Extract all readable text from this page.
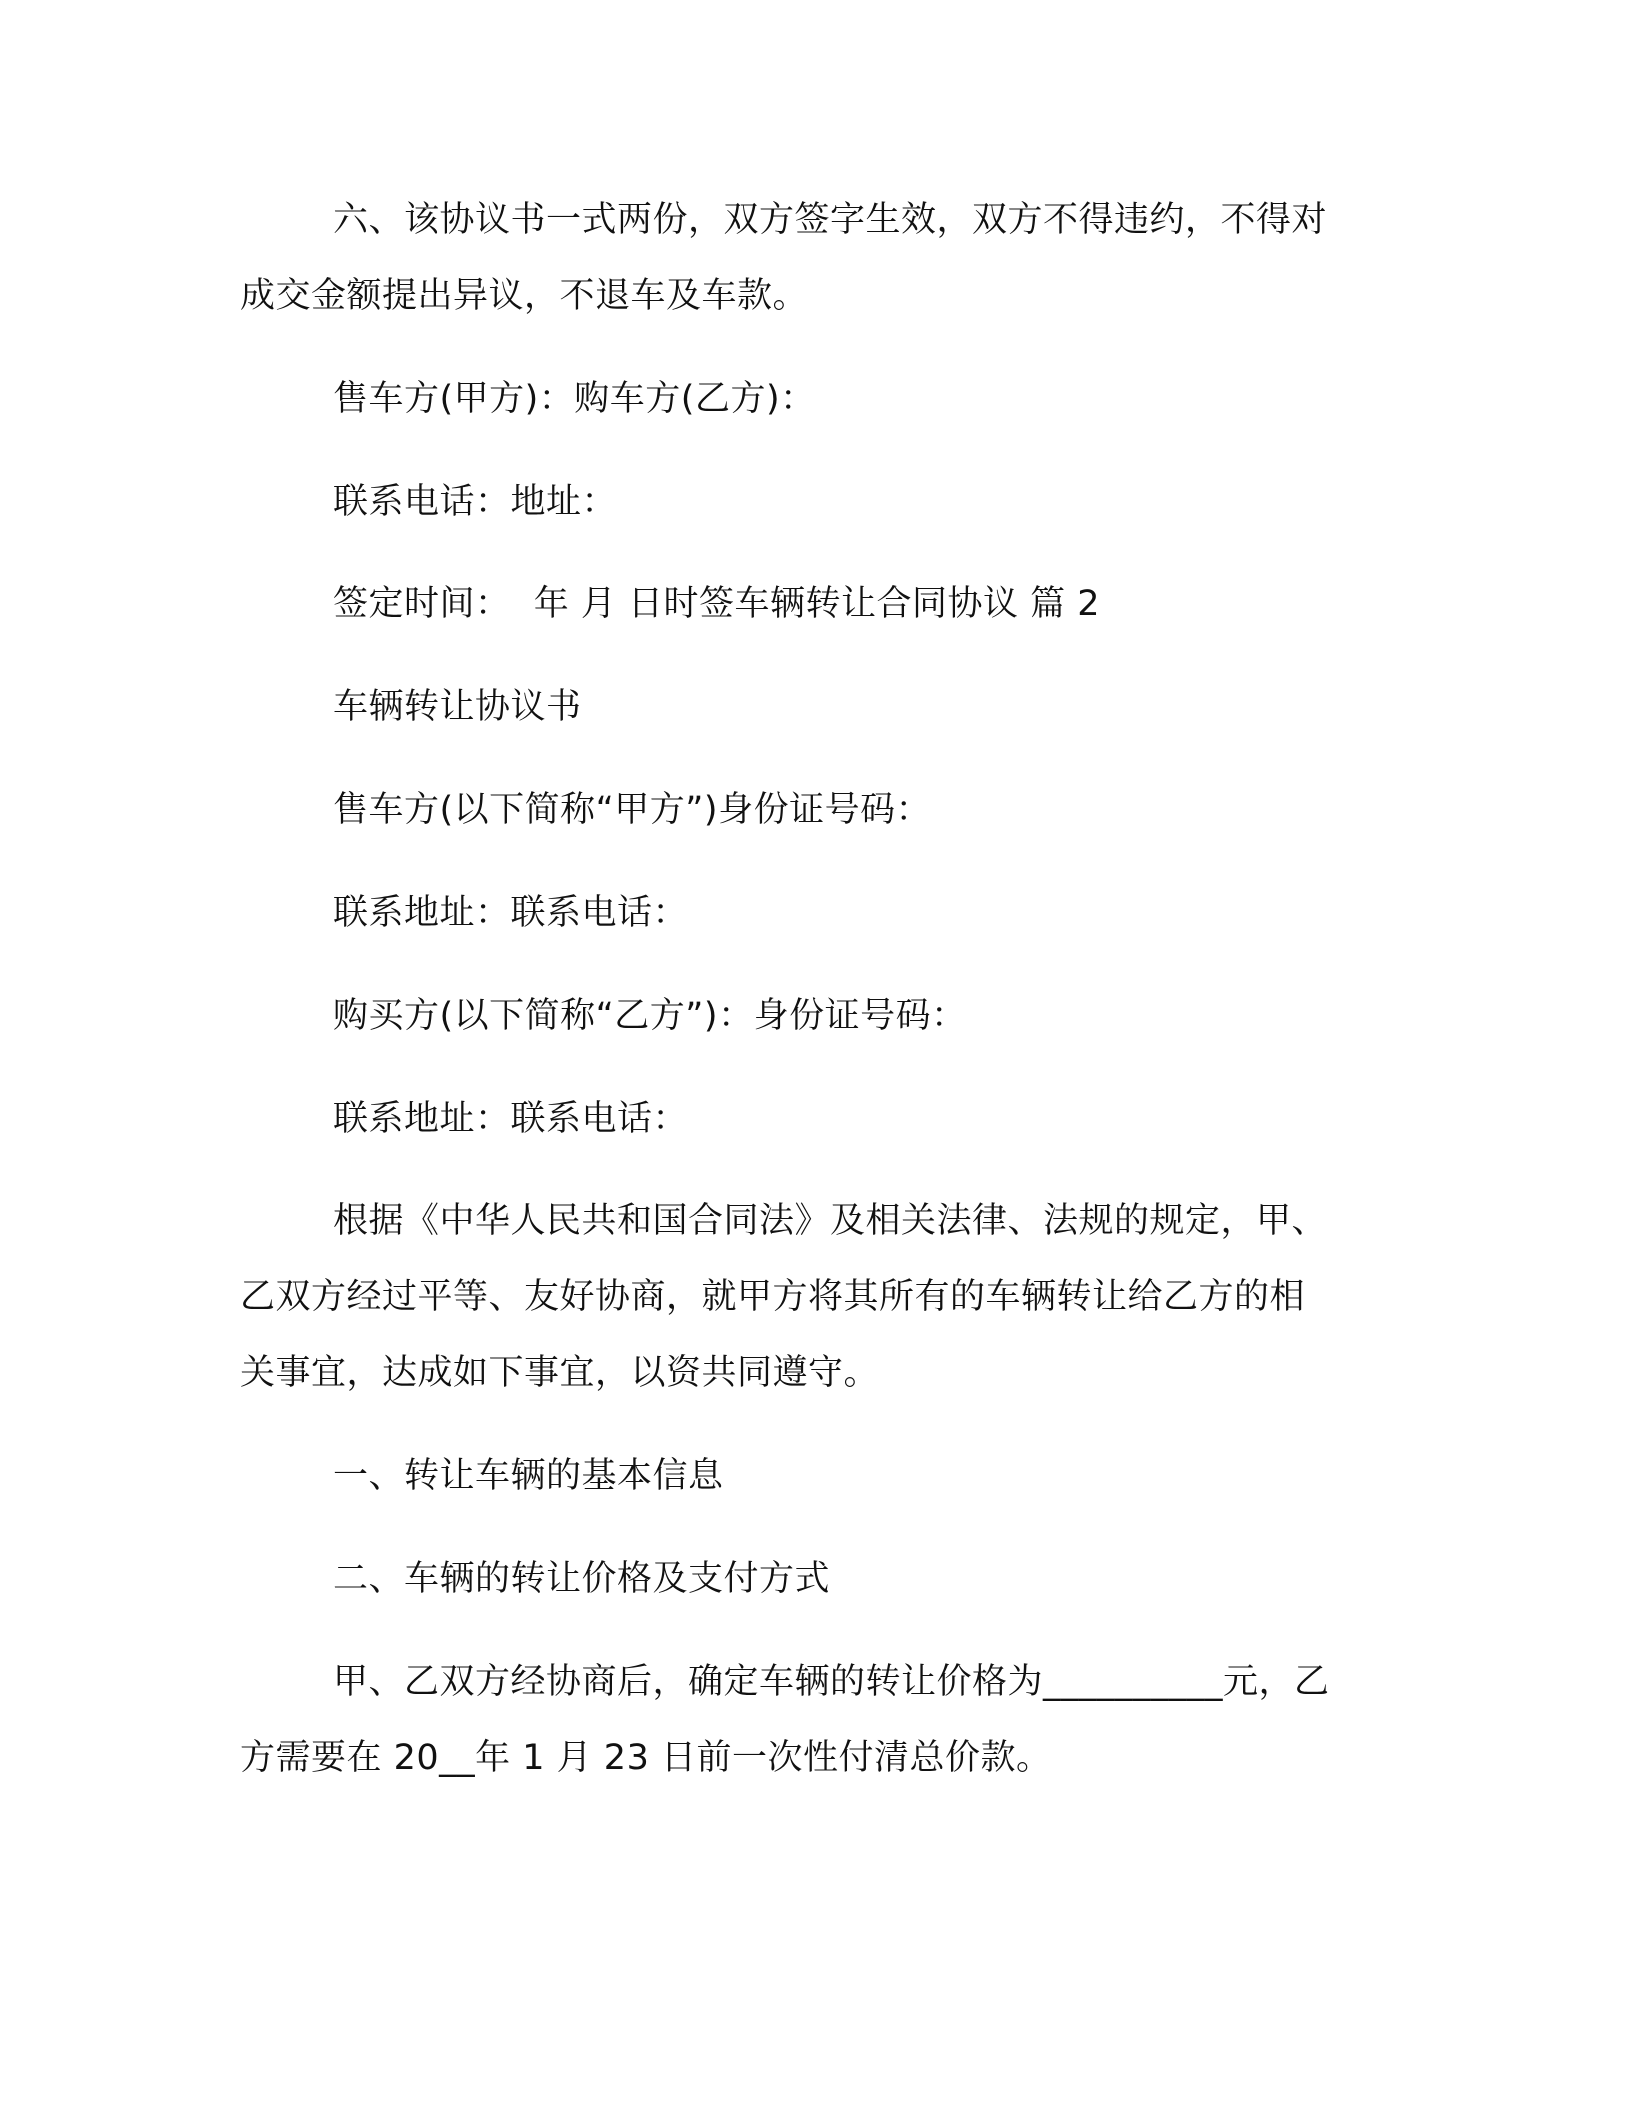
六、该协议书一式两份，双方签字生效，双方不得违约，不得对
成交金额提出异议，不退车及车款。
售车方(甲方)：购车方(乙方)：
联系电话：地址：
签定时间：  年 月 日时签车辆转让合同协议 篇 2
车辆转让协议书
售车方(以下简称“甲方”)身份证号码：
联系地址：联系电话：
购买方(以下简称“乙方”)：身份证号码：
联系地址：联系电话：
根据《中华人民共和国合同法》及相关法律、法规的规定，甲、
乙双方经过平等、友好协商，就甲方将其所有的车辆转让给乙方的相
关事宜，达成如下事宜，以资共同遵守。
一、转让车辆的基本信息
二、车辆的转让价格及支付方式
甲、乙双方经协商后，确定车辆的转让价格为__________元，乙
方需要在 20__年 1 月 23 日前一次性付清总价款。
